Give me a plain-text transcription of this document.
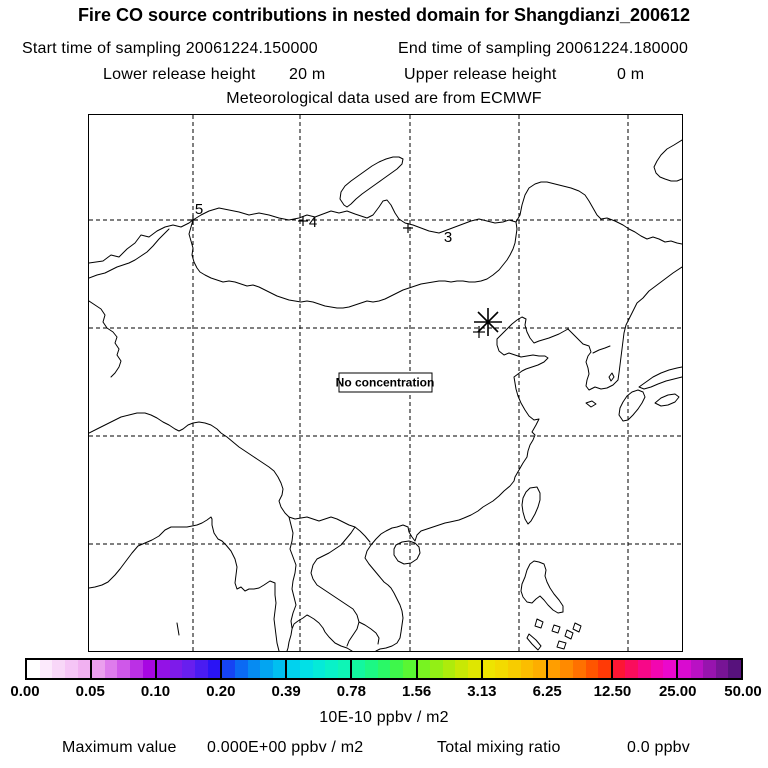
Fire CO source contributions in nested domain for Shangdianzi_200612
Start time of sampling 20061224.150000	End time of sampling 20061224.180000
Lower release height 20 m	Upper release height	0 m
Meteorological data used are from ECMWF
5
4
3
No concentration
0.00 0.05 0.10 0.20 0.39 0.78 1.56 3.13 6.25 12.50 25.00 50.00
10E-10 ppbv / m2
Maximum value 0.000E+00 ppbv / m2	Total mixing ratio	0.0 ppbv
